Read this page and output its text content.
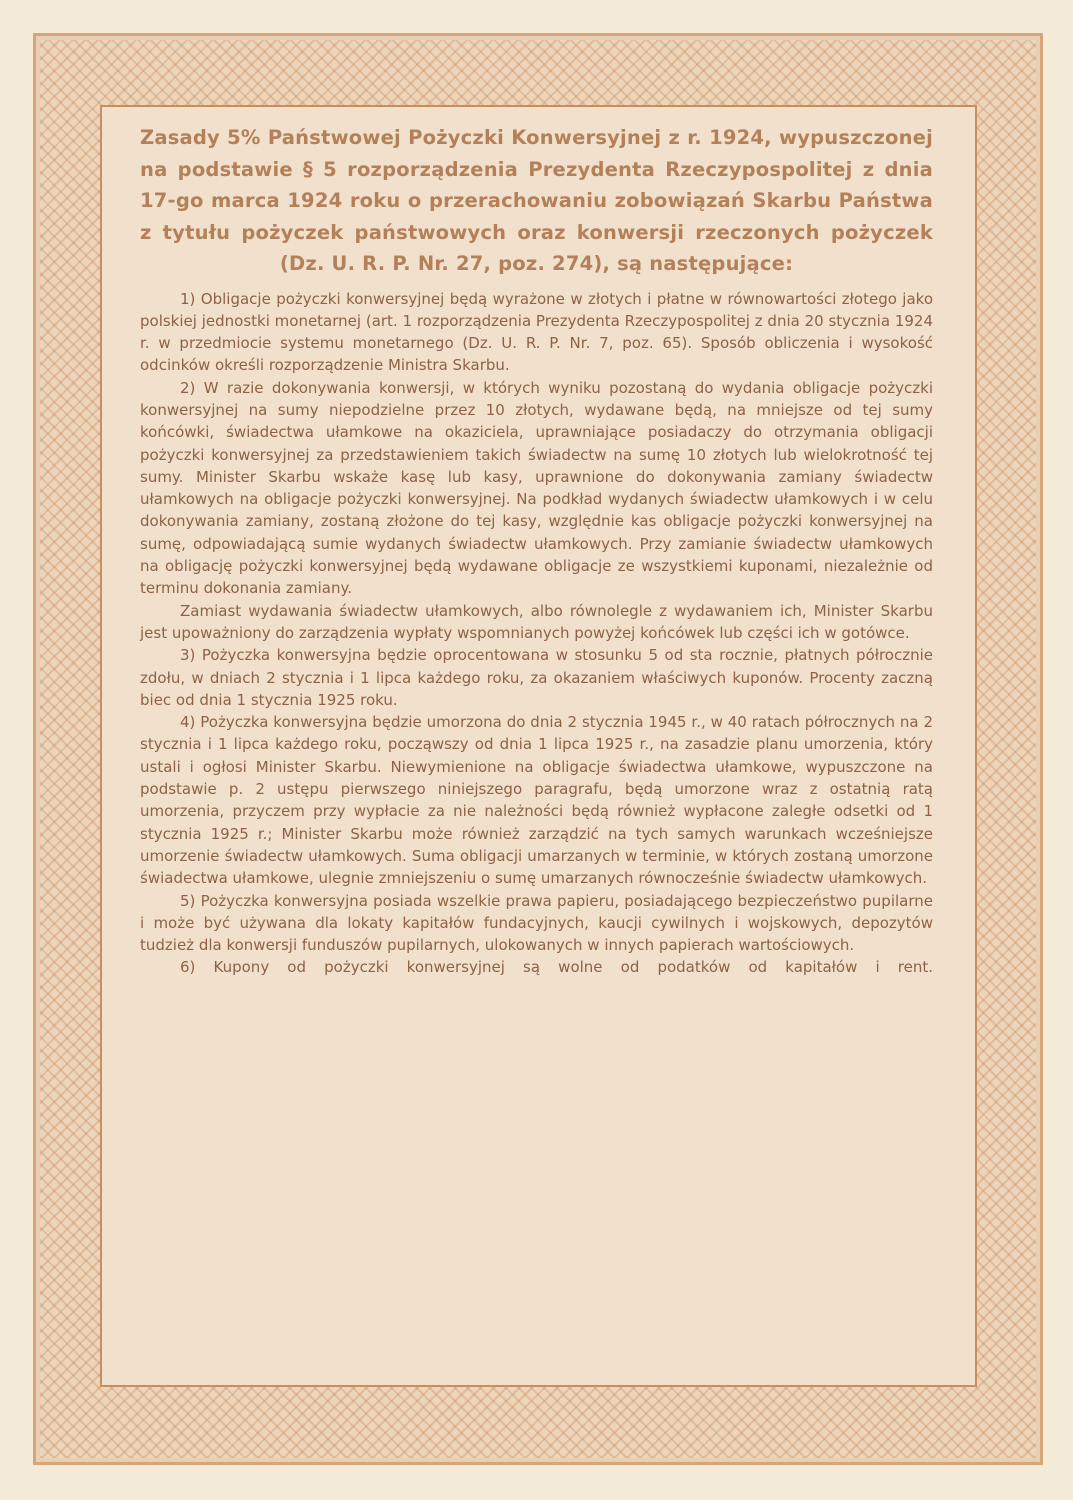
Zasady 5% Państwowej Pożyczki Konwersyjnej z r. 1924, wypuszczonej na podstawie § 5 rozporządzenia Prezydenta Rzeczypospolitej z dnia 17-go marca 1924 roku o przerachowaniu zobowiązań Skarbu Państwa z tytułu pożyczek państwowych oraz konwersji rzeczonych pożyczek (Dz. U. R. P. Nr. 27, poz. 274), są następujące:

1) Obligacje pożyczki konwersyjnej będą wyrażone w złotych i płatne w równowartości złotego jako polskiej jednostki monetarnej (art. 1 rozporządzenia Prezydenta Rzeczypospolitej z dnia 20 stycznia 1924 r. w przedmiocie systemu monetarnego (Dz. U. R. P. Nr. 7, poz. 65). Sposób obliczenia i wysokość odcinków określi rozporządzenie Ministra Skarbu.

2) W razie dokonywania konwersji, w których wyniku pozostaną do wydania obligacje pożyczki konwersyjnej na sumy niepodzielne przez 10 złotych, wydawane będą, na mniejsze od tej sumy końcówki, świadectwa ułamkowe na okaziciela, uprawniające posiadaczy do otrzymania obligacji pożyczki konwersyjnej za przedstawieniem takich świadectw na sumę 10 złotych lub wielokrotność tej sumy. Minister Skarbu wskaże kasę lub kasy, uprawnione do dokonywania zamiany świadectw ułamkowych na obligacje pożyczki konwersyjnej. Na podkład wydanych świadectw ułamkowych i w celu dokonywania zamiany, zostaną złożone do tej kasy, względnie kas obligacje pożyczki konwersyjnej na sumę, odpowiadającą sumie wydanych świadectw ułamkowych. Przy zamianie świadectw ułamkowych na obligację pożyczki konwersyjnej będą wydawane obligacje ze wszystkiemi kuponami, niezależnie od terminu dokonania zamiany.

Zamiast wydawania świadectw ułamkowych, albo równolegle z wydawaniem ich, Minister Skarbu jest upoważniony do zarządzenia wypłaty wspomnianych powyżej końcówek lub części ich w gotówce.

3) Pożyczka konwersyjna będzie oprocentowana w stosunku 5 od sta rocznie, płatnych półrocznie zdołu, w dniach 2 stycznia i 1 lipca każdego roku, za okazaniem właściwych kuponów. Procenty zaczną biec od dnia 1 stycznia 1925 roku.

4) Pożyczka konwersyjna będzie umorzona do dnia 2 stycznia 1945 r., w 40 ratach półrocznych na 2 stycznia i 1 lipca każdego roku, począwszy od dnia 1 lipca 1925 r., na zasadzie planu umorzenia, który ustali i ogłosi Minister Skarbu. Niewymienione na obligacje świadectwa ułamkowe, wypuszczone na podstawie p. 2 ustępu pierwszego niniejszego paragrafu, będą umorzone wraz z ostatnią ratą umorzenia, przyczem przy wypłacie za nie należności będą również wypłacone zaległe odsetki od 1 stycznia 1925 r.; Minister Skarbu może również zarządzić na tych samych warunkach wcześniejsze umorzenie świadectw ułamkowych. Suma obligacji umarzanych w terminie, w których zostaną umorzone świadectwa ułamkowe, ulegnie zmniejszeniu o sumę umarzanych równocześnie świadectw ułamkowych.

5) Pożyczka konwersyjna posiada wszelkie prawa papieru, posiadającego bezpieczeństwo pupilarne i może być używana dla lokaty kapitałów fundacyjnych, kaucji cywilnych i wojskowych, depozytów tudzież dla konwersji funduszów pupilarnych, ulokowanych w innych papierach wartościowych.

6) Kupony od pożyczki konwersyjnej są wolne od podatków od kapitałów i rent.
